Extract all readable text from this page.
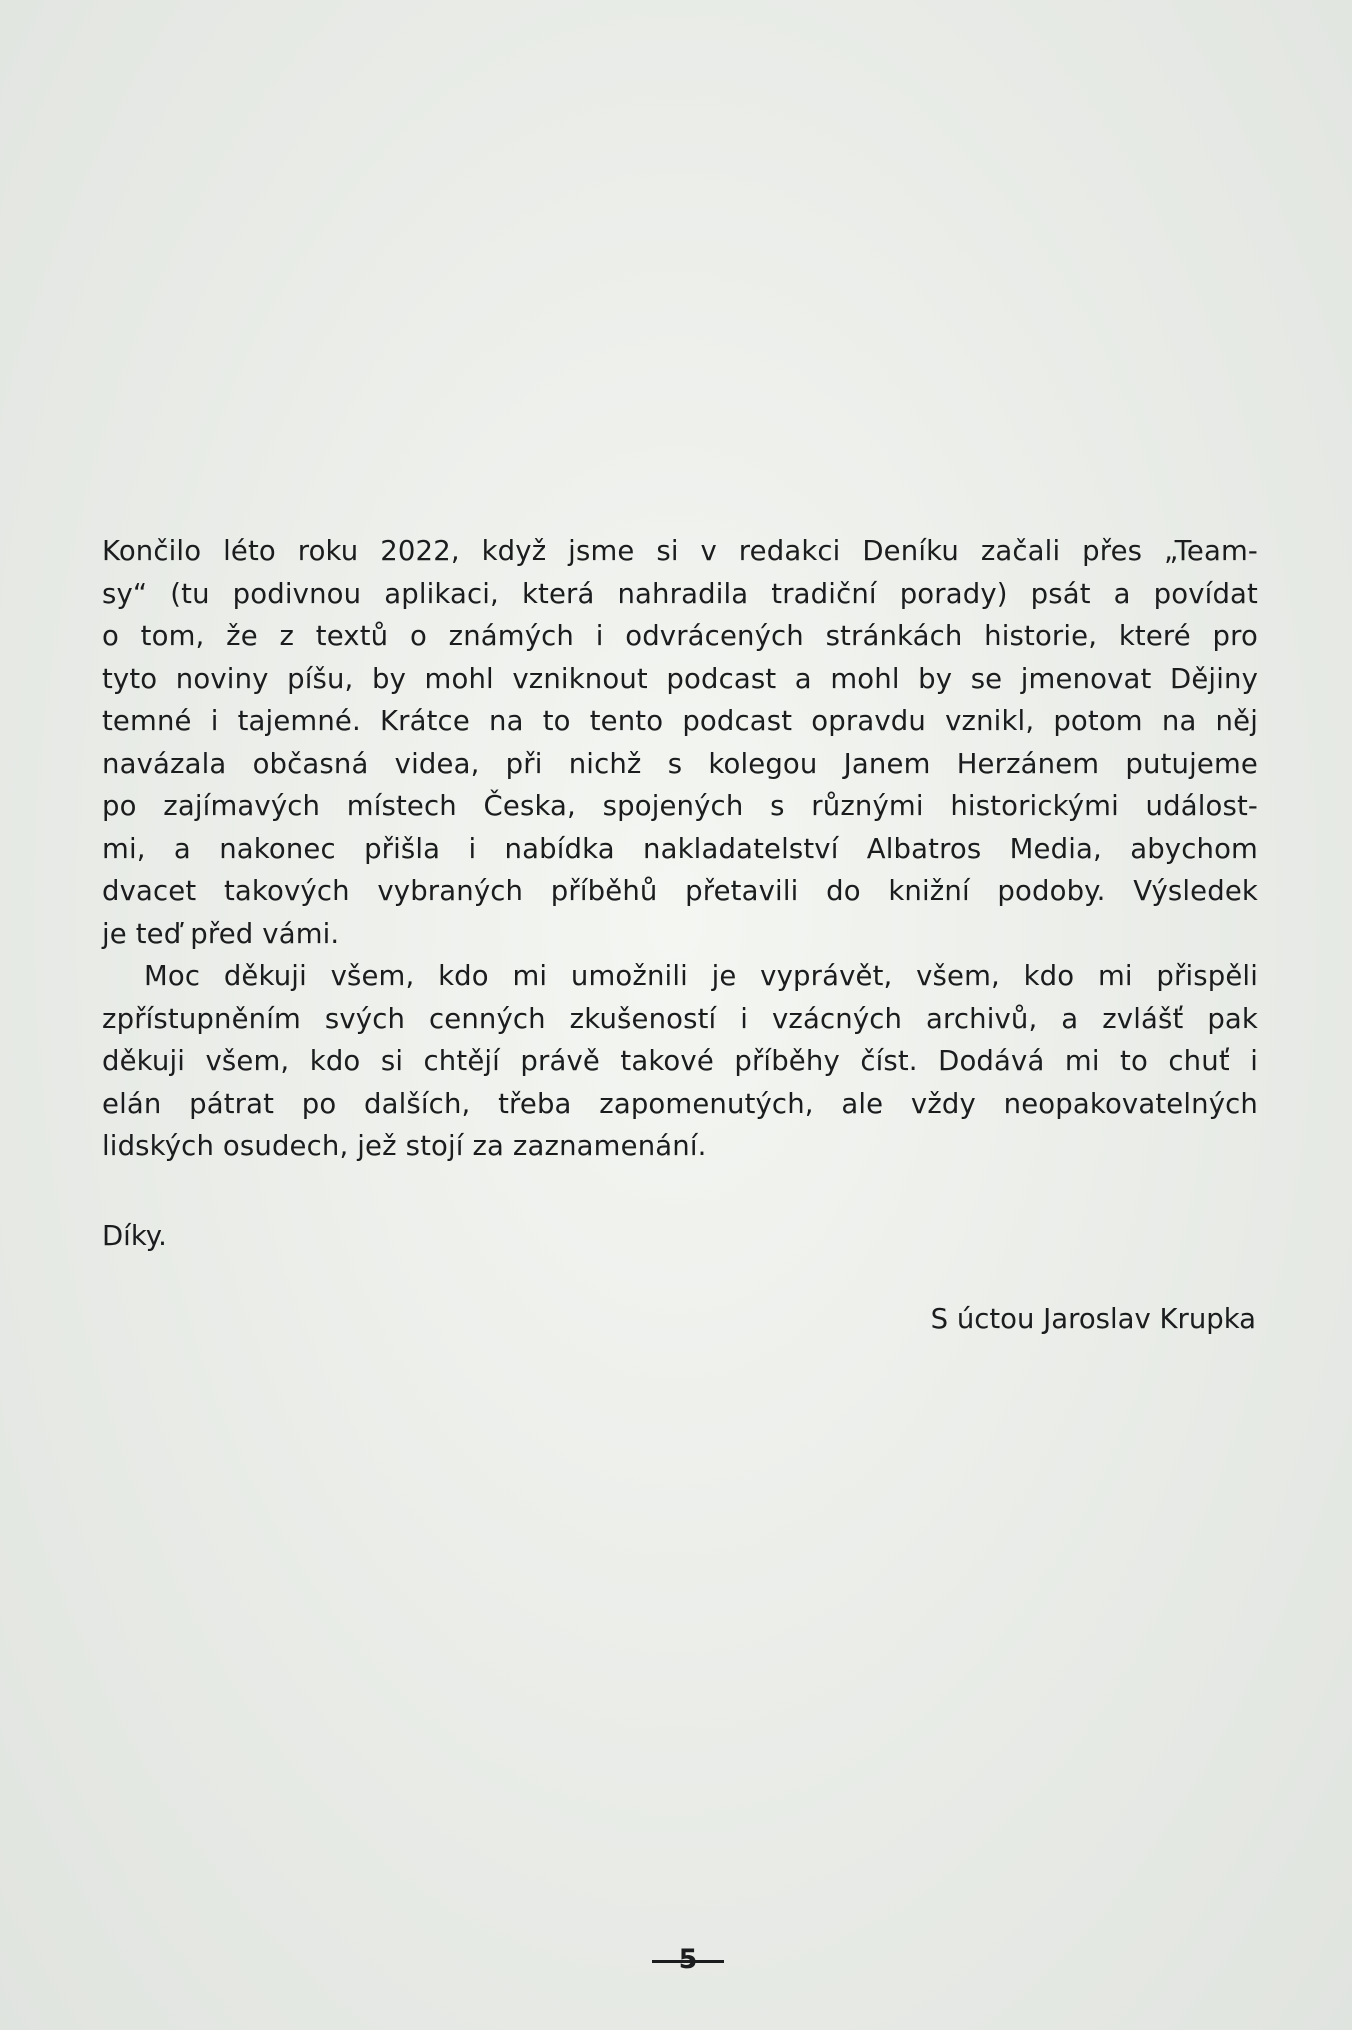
Končilo léto roku 2022, když jsme si v redakci Deníku začali přes „Team-
sy“ (tu podivnou aplikaci, která nahradila tradiční porady) psát a povídat
o tom, že z textů o známých i odvrácených stránkách historie, které pro
tyto noviny píšu, by mohl vzniknout podcast a mohl by se jmenovat Dějiny
temné i tajemné. Krátce na to tento podcast opravdu vznikl, potom na něj
navázala občasná videa, při nichž s kolegou Janem Herzánem putujeme
po zajímavých místech Česka, spojených s různými historickými událost-
mi, a nakonec přišla i nabídka nakladatelství Albatros Media, abychom
dvacet takových vybraných příběhů přetavili do knižní podoby. Výsledek
je teď před vámi.
Moc děkuji všem, kdo mi umožnili je vyprávět, všem, kdo mi přispěli
zpřístupněním svých cenných zkušeností i vzácných archivů, a zvlášť pak
děkuji všem, kdo si chtějí právě takové příběhy číst. Dodává mi to chuť i
elán pátrat po dalších, třeba zapomenutých, ale vždy neopakovatelných
lidských osudech, jež stojí za zaznamenání.
Díky.
S úctou Jaroslav Krupka
5
